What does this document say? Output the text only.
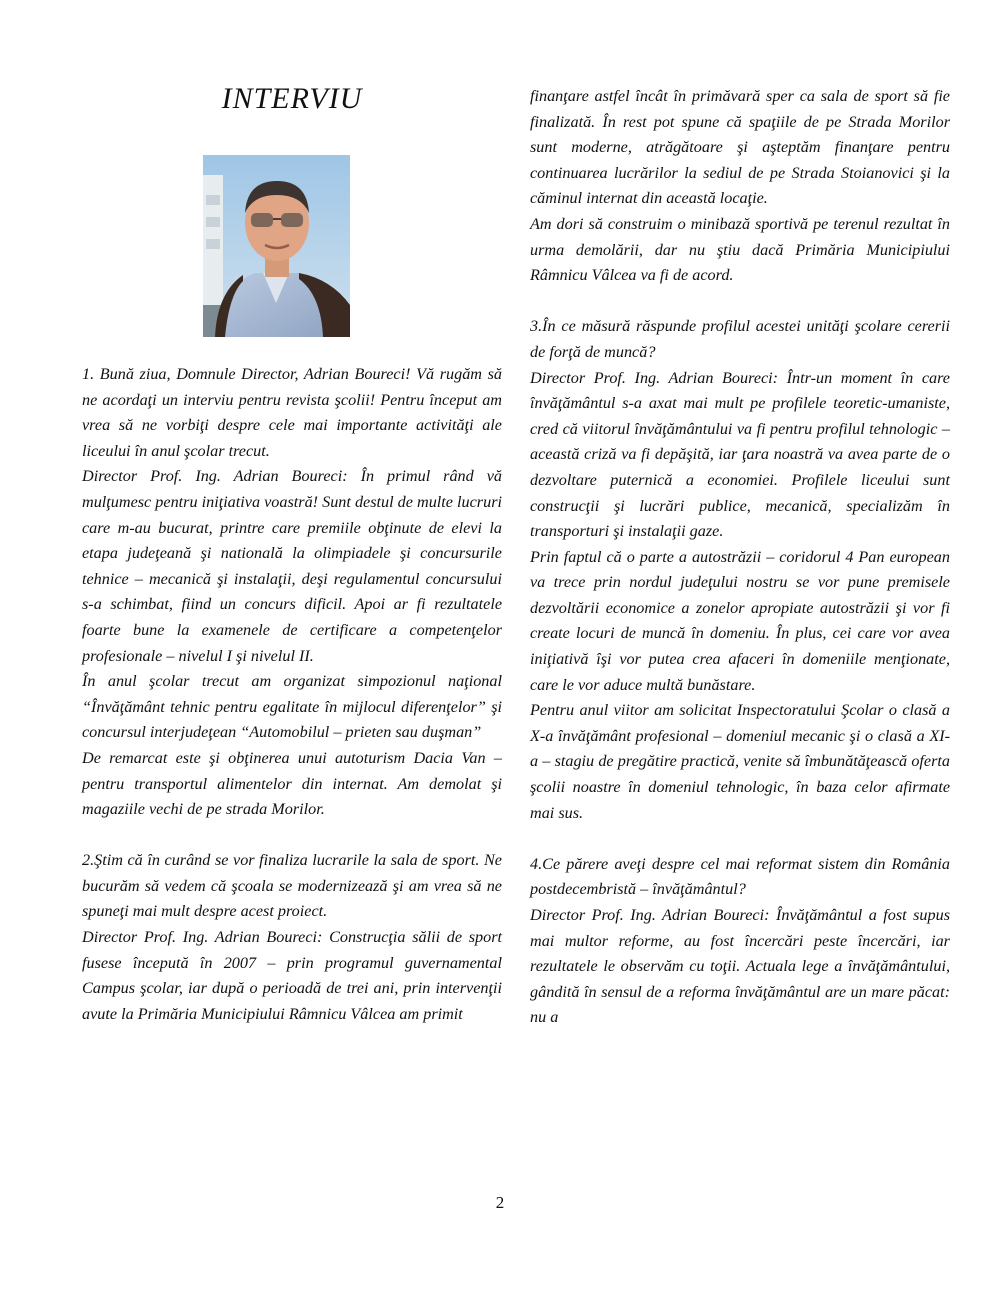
INTERVIU

1. Bună ziua, Domnule Director, Adrian Boureci! Vă rugăm să ne acordaţi un interviu pentru revista şcolii! Pentru început am vrea să ne vorbiţi despre cele mai importante activităţi ale liceului în anul şcolar trecut.

Director Prof. Ing. Adrian Boureci: În primul rând vă mulţumesc pentru iniţiativa voastră! Sunt destul de multe lucruri care m-au bucurat, printre care premiile obţinute de elevi la etapa judeţeană şi natională la olimpiadele şi concursurile tehnice – mecanică şi instalaţii, deşi regulamentul concursului s-a schimbat, fiind un concurs dificil. Apoi ar fi rezultatele foarte bune la examenele de certificare a competenţelor profesionale – nivelul I şi nivelul II.

În anul şcolar trecut am organizat simpozionul naţional “Învăţământ tehnic pentru egalitate în mijlocul diferenţelor” şi concursul interjudeţean “Automobilul – prieten sau duşman”

De remarcat este şi obţinerea unui autoturism Dacia Van – pentru transportul alimentelor din internat. Am demolat şi magaziile vechi de pe strada Morilor.

2.Ştim că în curând se vor finaliza lucrarile la sala de sport. Ne bucurăm să vedem că şcoala se modernizează şi am vrea să ne spuneţi mai mult despre acest proiect.

Director Prof. Ing. Adrian Boureci: Construcţia sălii de sport fusese începută în 2007 – prin programul guvernamental Campus şcolar, iar după o perioadă de trei ani, prin intervenţii avute la Primăria Municipiului Râmnicu Vâlcea am primit

finanţare astfel încât în primăvară sper ca sala de sport să fie finalizată. În rest pot spune că spaţiile de pe Strada Morilor sunt moderne, atrăgătoare şi aşteptăm finanţare pentru continuarea lucrărilor la sediul de pe Strada Stoianovici şi la căminul internat din această locaţie.

Am dori să construim o minibază sportivă pe terenul rezultat în urma demolării, dar nu ştiu dacă Primăria Municipiului Râmnicu Vâlcea va fi de acord.

3.În ce măsură răspunde profilul acestei unităţi şcolare cererii de forţă de muncă?

Director Prof. Ing. Adrian Boureci: Într-un moment în care învăţământul s-a axat mai mult pe profilele teoretic-umaniste, cred că viitorul învăţământului va fi pentru profilul tehnologic – această criză va fi depăşită, iar ţara noastră va avea parte de o dezvoltare puternică a economiei. Profilele liceului sunt construcţii şi lucrări publice, mecanică, specializăm în transporturi şi instalaţii gaze.

Prin faptul că o parte a autostrăzii – coridorul 4 Pan european va trece prin nordul judeţului nostru se vor pune premisele dezvoltării economice a zonelor apropiate autostrăzii şi vor fi create locuri de muncă în domeniu. În plus, cei care vor avea iniţiativă îşi vor putea crea afaceri în domeniile menţionate, care le vor aduce multă bunăstare.

Pentru anul viitor am solicitat Inspectoratului Şcolar o clasă a X-a învăţământ profesional – domeniul mecanic şi o clasă a XI-a – stagiu de pregătire practică, venite să îmbunătăţească oferta şcolii noastre în domeniul tehnologic, în baza celor afirmate mai sus.

4.Ce părere aveţi despre cel mai reformat sistem din România postdecembristă – învăţământul?

Director Prof. Ing. Adrian Boureci: Învăţământul a fost supus mai multor reforme, au fost încercări peste încercări, iar rezultatele le observăm cu toţii. Actuala lege a învăţământului, gândită în sensul de a reforma învăţământul are un mare păcat: nu a

2
